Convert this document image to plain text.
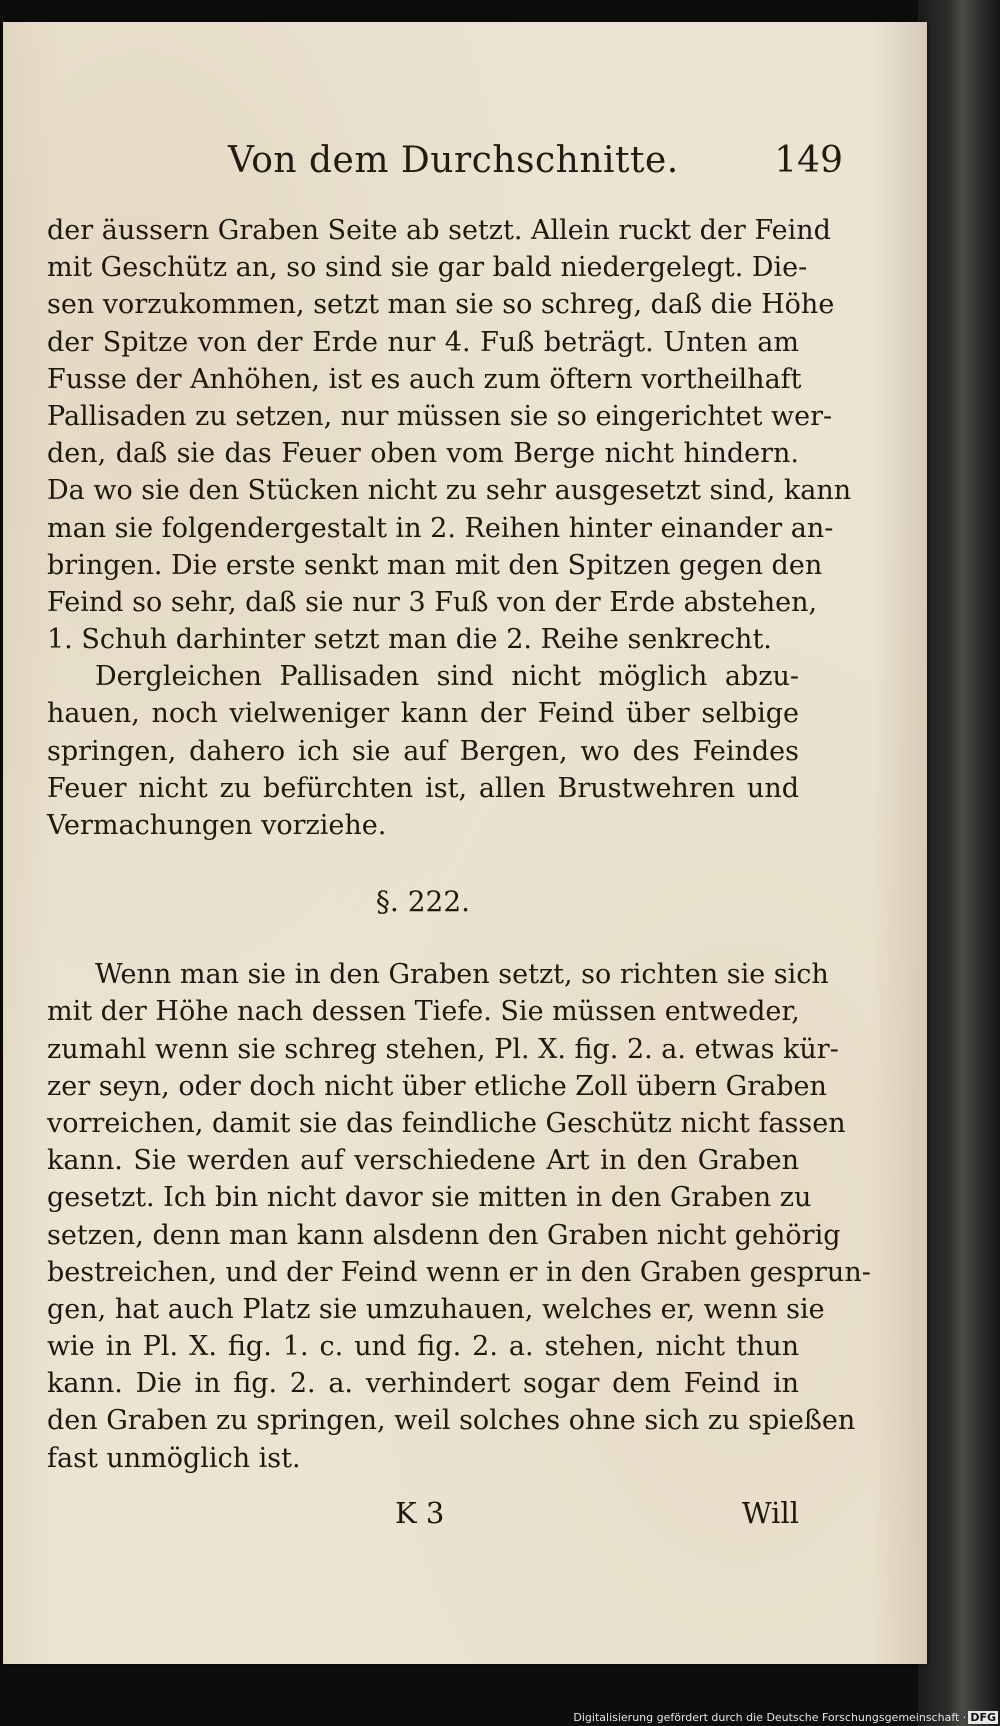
Von dem Durchschnitte.	149
der äussern Graben Seite ab setzt. Allein ruckt der Feind
mit Geschütz an, so sind sie gar bald niedergelegt. Die-
sen vorzukommen, setzt man sie so schreg, daß die Höhe
der Spitze von der Erde nur 4. Fuß beträgt. Unten am
Fusse der Anhöhen, ist es auch zum öftern vortheilhaft
Pallisaden zu setzen, nur müssen sie so eingerichtet wer-
den, daß sie das Feuer oben vom Berge nicht hindern.
Da wo sie den Stücken nicht zu sehr ausgesetzt sind, kann
man sie folgendergestalt in 2. Reihen hinter einander an-
bringen. Die erste senkt man mit den Spitzen gegen den
Feind so sehr, daß sie nur 3 Fuß von der Erde abstehen,
1. Schuh darhinter setzt man die 2. Reihe senkrecht.
Dergleichen Pallisaden sind nicht möglich abzu-
hauen, noch vielweniger kann der Feind über selbige
springen, dahero ich sie auf Bergen, wo des Feindes
Feuer nicht zu befürchten ist, allen Brustwehren und
Vermachungen vorziehe.
§. 222.
Wenn man sie in den Graben setzt, so richten sie sich
mit der Höhe nach dessen Tiefe. Sie müssen entweder,
zumahl wenn sie schreg stehen, Pl. X. fig. 2. a. etwas kür-
zer seyn, oder doch nicht über etliche Zoll übern Graben
vorreichen, damit sie das feindliche Geschütz nicht fassen
kann. Sie werden auf verschiedene Art in den Graben
gesetzt. Ich bin nicht davor sie mitten in den Graben zu
setzen, denn man kann alsdenn den Graben nicht gehörig
bestreichen, und der Feind wenn er in den Graben gesprun-
gen, hat auch Platz sie umzuhauen, welches er, wenn sie
wie in Pl. X. fig. 1. c. und fig. 2. a. stehen, nicht thun
kann. Die in fig. 2. a. verhindert sogar dem Feind in
den Graben zu springen, weil solches ohne sich zu spießen
fast unmöglich ist.
K 3	Will
Digitalisierung gefördert durch die Deutsche Forschungsgemeinschaft · DFG
